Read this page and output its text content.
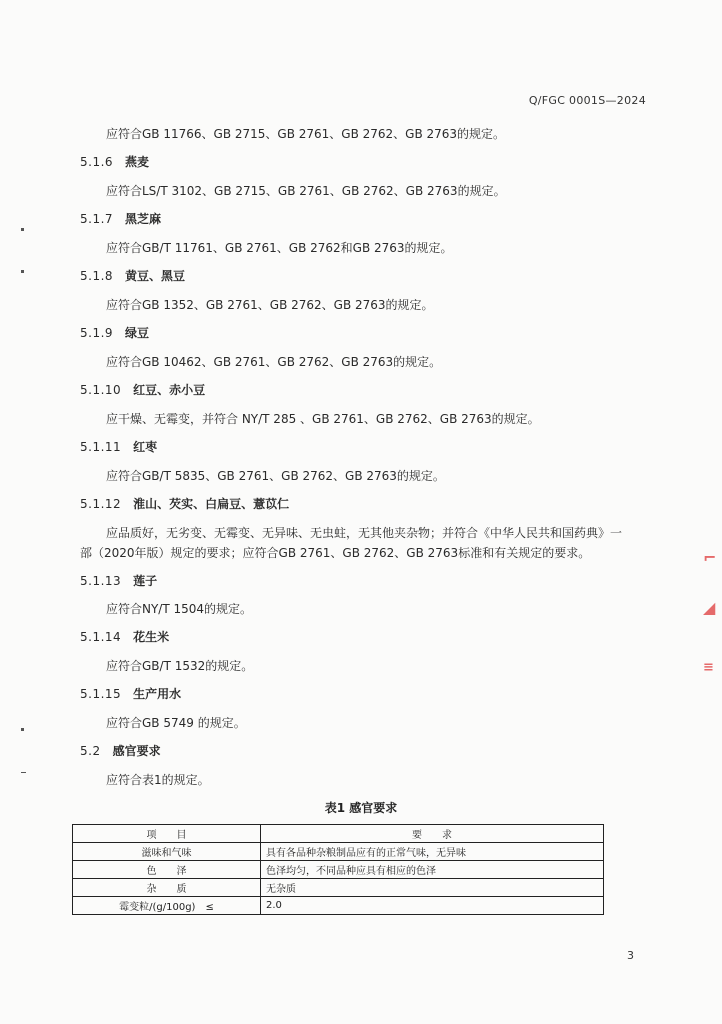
Q/FGC 0001S—2024
应符合GB 11766、GB 2715、GB 2761、GB 2762、GB 2763的规定。
5.1.6 燕麦
应符合LS/T 3102、GB 2715、GB 2761、GB 2762、GB 2763的规定。
5.1.7 黑芝麻
应符合GB/T 11761、GB 2761、GB 2762和GB 2763的规定。
5.1.8 黄豆、黑豆
应符合GB 1352、GB 2761、GB 2762、GB 2763的规定。
5.1.9 绿豆
应符合GB 10462、GB 2761、GB 2762、GB 2763的规定。
5.1.10 红豆、赤小豆
应干燥、无霉变，并符合 NY/T 285 、GB 2761、GB 2762、GB 2763的规定。
5.1.11 红枣
应符合GB/T 5835、GB 2761、GB 2762、GB 2763的规定。
5.1.12 淮山、芡实、白扁豆、薏苡仁
应品质好，无劣变、无霉变、无异味、无虫蛀，无其他夹杂物；并符合《中华人民共和国药典》一
部（2020年版）规定的要求；应符合GB 2761、GB 2762、GB 2763标准和有关规定的要求。
5.1.13 莲子
应符合NY/T 1504的规定。
5.1.14 花生米
应符合GB/T 1532的规定。
5.1.15 生产用水
应符合GB 5749 的规定。
5.2 感官要求
应符合表1的规定。
表1 感官要求
项　　目	要　　求
滋味和气味	具有各品种杂粮制品应有的正常气味，无异味
色　　泽	色泽均匀，不同品种应具有相应的色泽
杂　　质	无杂质
霉变粒/(g/100g)　≤	2.0
3
⌐
◢
≡
